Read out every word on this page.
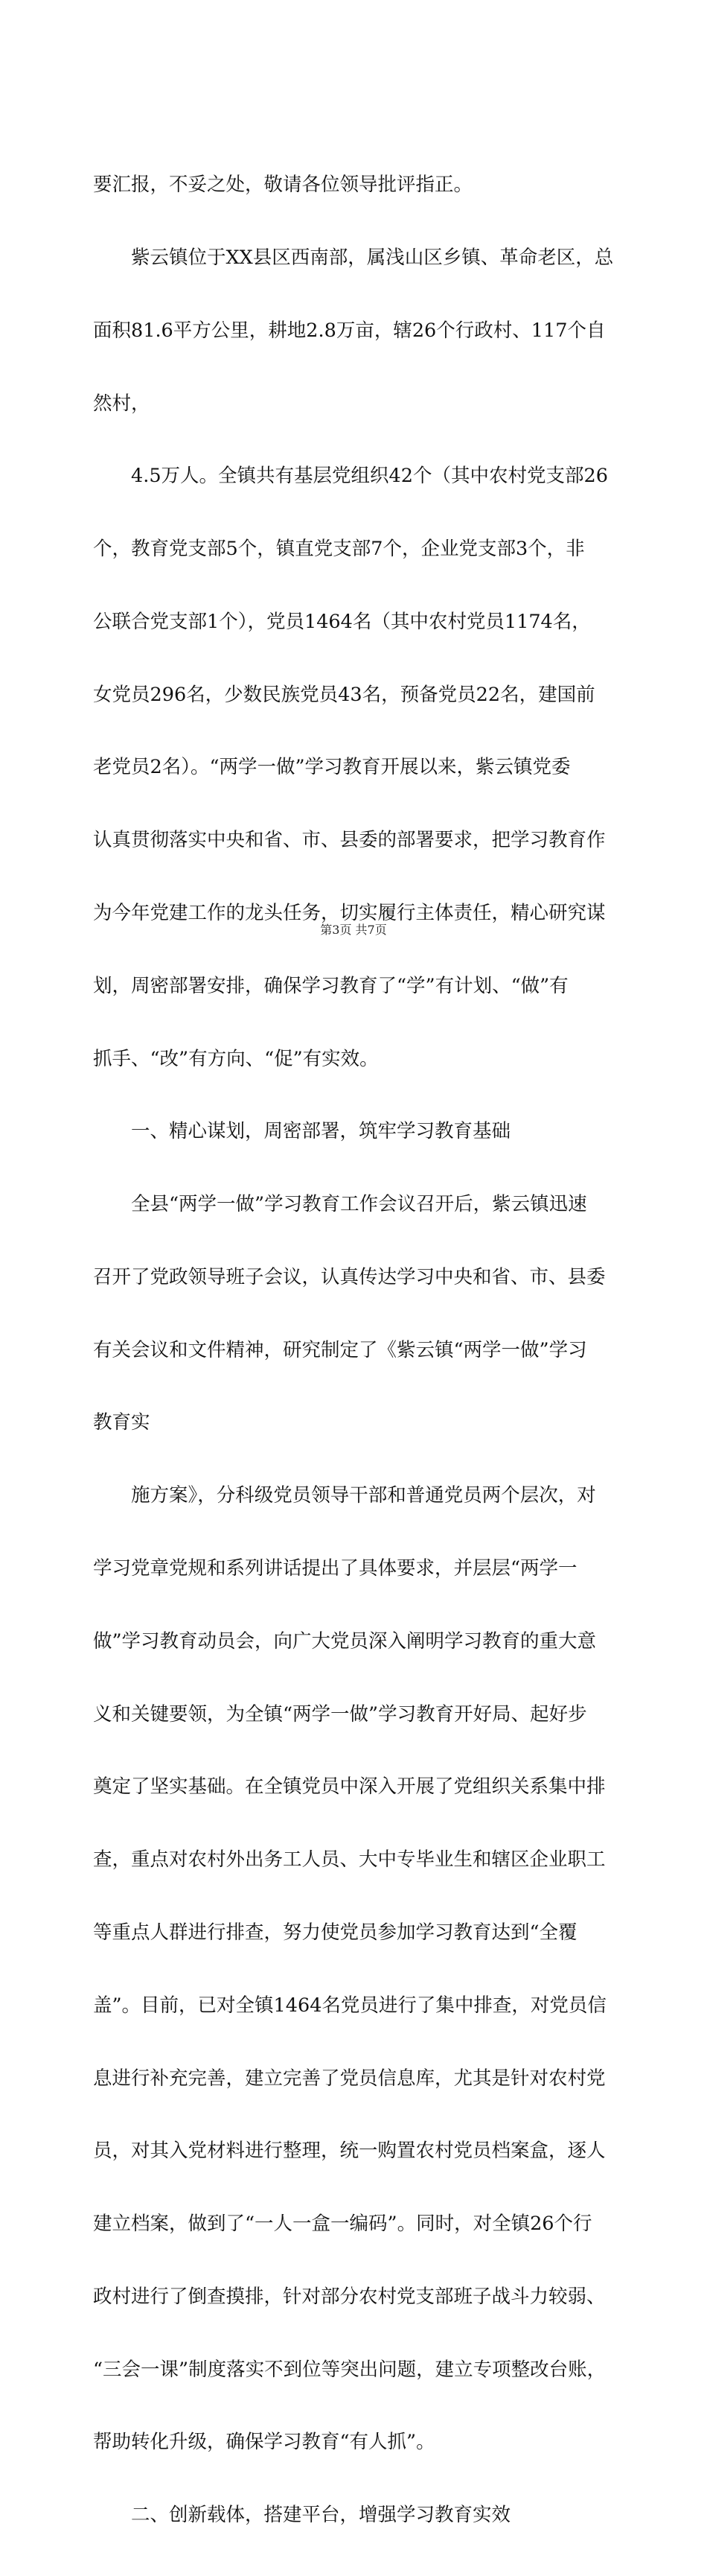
要汇报，不妥之处，敬请各位领导批评指正。

　　紫云镇位于XX县区西南部，属浅山区乡镇、革命老区，总

面积81.6平方公里，耕地2.8万亩，辖26个行政村、117个自

然村，

　　4.5万人。全镇共有基层党组织42个（其中农村党支部26

个，教育党支部5个，镇直党支部7个，企业党支部3个，非

公联合党支部1个），党员1464名（其中农村党员1174名，

女党员296名，少数民族党员43名，预备党员22名，建国前

老党员2名）。“两学一做”学习教育开展以来，紫云镇党委

认真贯彻落实中央和省、市、县委的部署要求，把学习教育作

为今年党建工作的龙头任务，切实履行主体责任，精心研究谋

划，周密部署安排，确保学习教育了“学”有计划、“做”有

抓手、“改”有方向、“促”有实效。

　　一、精心谋划，周密部署，筑牢学习教育基础

　　全县“两学一做”学习教育工作会议召开后，紫云镇迅速

召开了党政领导班子会议，认真传达学习中央和省、市、县委

有关会议和文件精神，研究制定了《紫云镇“两学一做”学习

教育实

　　施方案》，分科级党员领导干部和普通党员两个层次，对

学习党章党规和系列讲话提出了具体要求，并层层“两学一

做”学习教育动员会，向广大党员深入阐明学习教育的重大意

义和关键要领，为全镇“两学一做”学习教育开好局、起好步

奠定了坚实基础。在全镇党员中深入开展了党组织关系集中排

查，重点对农村外出务工人员、大中专毕业生和辖区企业职工

等重点人群进行排查，努力使党员参加学习教育达到“全覆

盖”。目前，已对全镇1464名党员进行了集中排查，对党员信

息进行补充完善，建立完善了党员信息库，尤其是针对农村党

员，对其入党材料进行整理，统一购置农村党员档案盒，逐人

建立档案，做到了“一人一盒一编码”。同时，对全镇26个行

政村进行了倒查摸排，针对部分农村党支部班子战斗力较弱、

“三会一课”制度落实不到位等突出问题，建立专项整改台账，

帮助转化升级，确保学习教育“有人抓”。

　　二、创新载体，搭建平台，增强学习教育实效

第3页 共7页
